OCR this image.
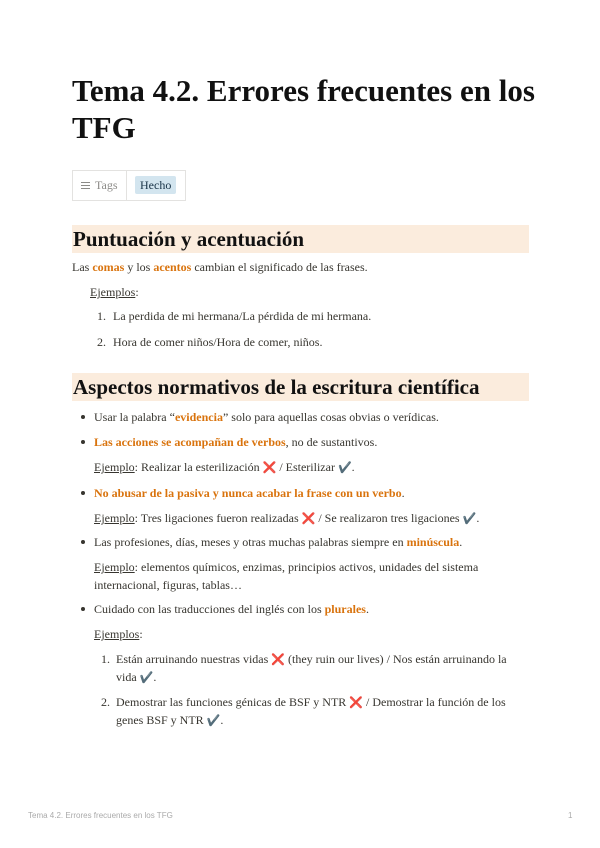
Tema 4.2. Errores frecuentes en los TFG
Tags	Hecho
Puntuación y acentuación
Las comas y los acentos cambian el significado de las frases.
Ejemplos:
1. La perdida de mi hermana/La pérdida de mi hermana.
2. Hora de comer niños/Hora de comer, niños.
Aspectos normativos de la escritura científica
Usar la palabra “evidencia” solo para aquellas cosas obvias o verídicas.
Las acciones se acompañan de verbos, no de sustantivos.
Ejemplo: Realizar la esterilización ❌ / Esterilizar ✔️.
No abusar de la pasiva y nunca acabar la frase con un verbo.
Ejemplo: Tres ligaciones fueron realizadas ❌ / Se realizaron tres ligaciones ✔️.
Las profesiones, días, meses y otras muchas palabras siempre en minúscula.
Ejemplo: elementos químicos, enzimas, principios activos, unidades del sistema
internacional, figuras, tablas…
Cuidado con las traducciones del inglés con los plurales.
Ejemplos:
1. Están arruinando nuestras vidas ❌ (they ruin our lives) / Nos están arruinando la
vida ✔️.
2. Demostrar las funciones génicas de BSF y NTR ❌ / Demostrar la función de los
genes BSF y NTR ✔️.
Tema 4.2. Errores frecuentes en los TFG	1
